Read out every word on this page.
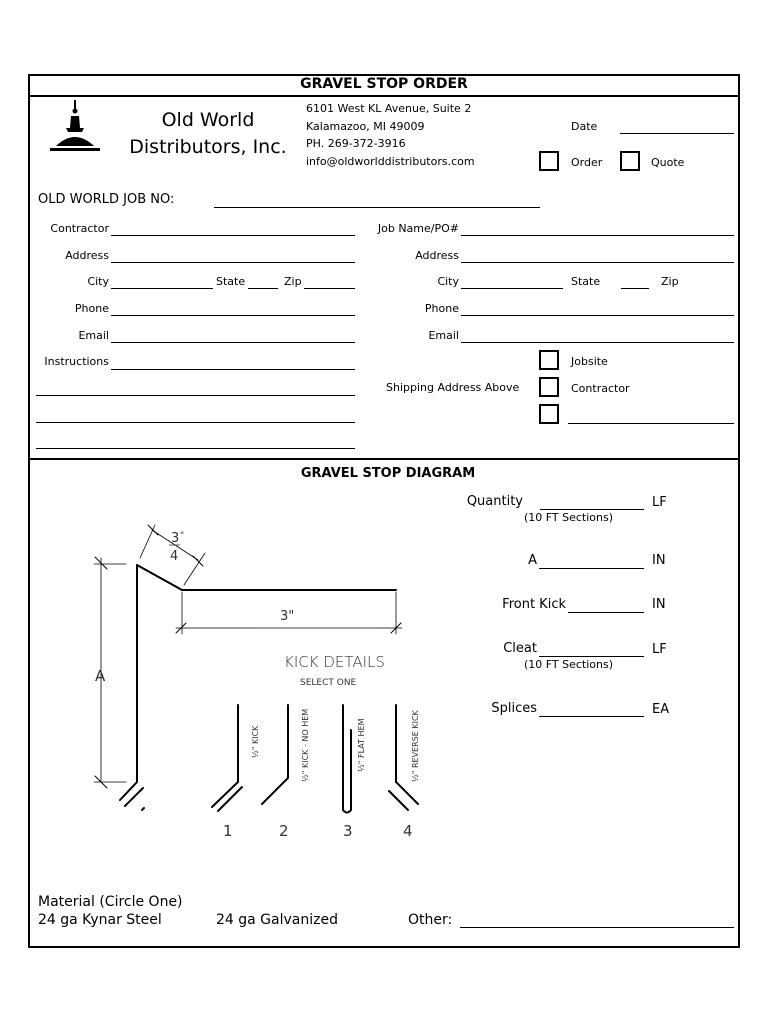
GRAVEL STOP ORDER
Old World
Distributors, Inc.
6101 West KL Avenue, Suite 2
Kalamazoo, MI 49009
PH. 269-372-3916
info@oldworlddistributors.com
Date
Order	Quote
OLD WORLD JOB NO:
Contractor
Address
City	State	Zip
Phone
Email
Instructions
Job Name/PO#
Address
City	State	Zip
Phone
Email
Jobsite
Shipping Address Above	Contractor
GRAVEL STOP DIAGRAM
Quantity	LF
(10 FT Sections)
A	IN
Front Kick	IN
Cleat	LF
(10 FT Sections)
Splices	EA
3 "
4
3"
A
KICK DETAILS
SELECT ONE
½" KICK	½" KICK - NO HEM	½" FLAT HEM	½" REVERSE KICK
1	2	3	4
Material (Circle One)
24 ga Kynar Steel	24 ga Galvanized	Other:
